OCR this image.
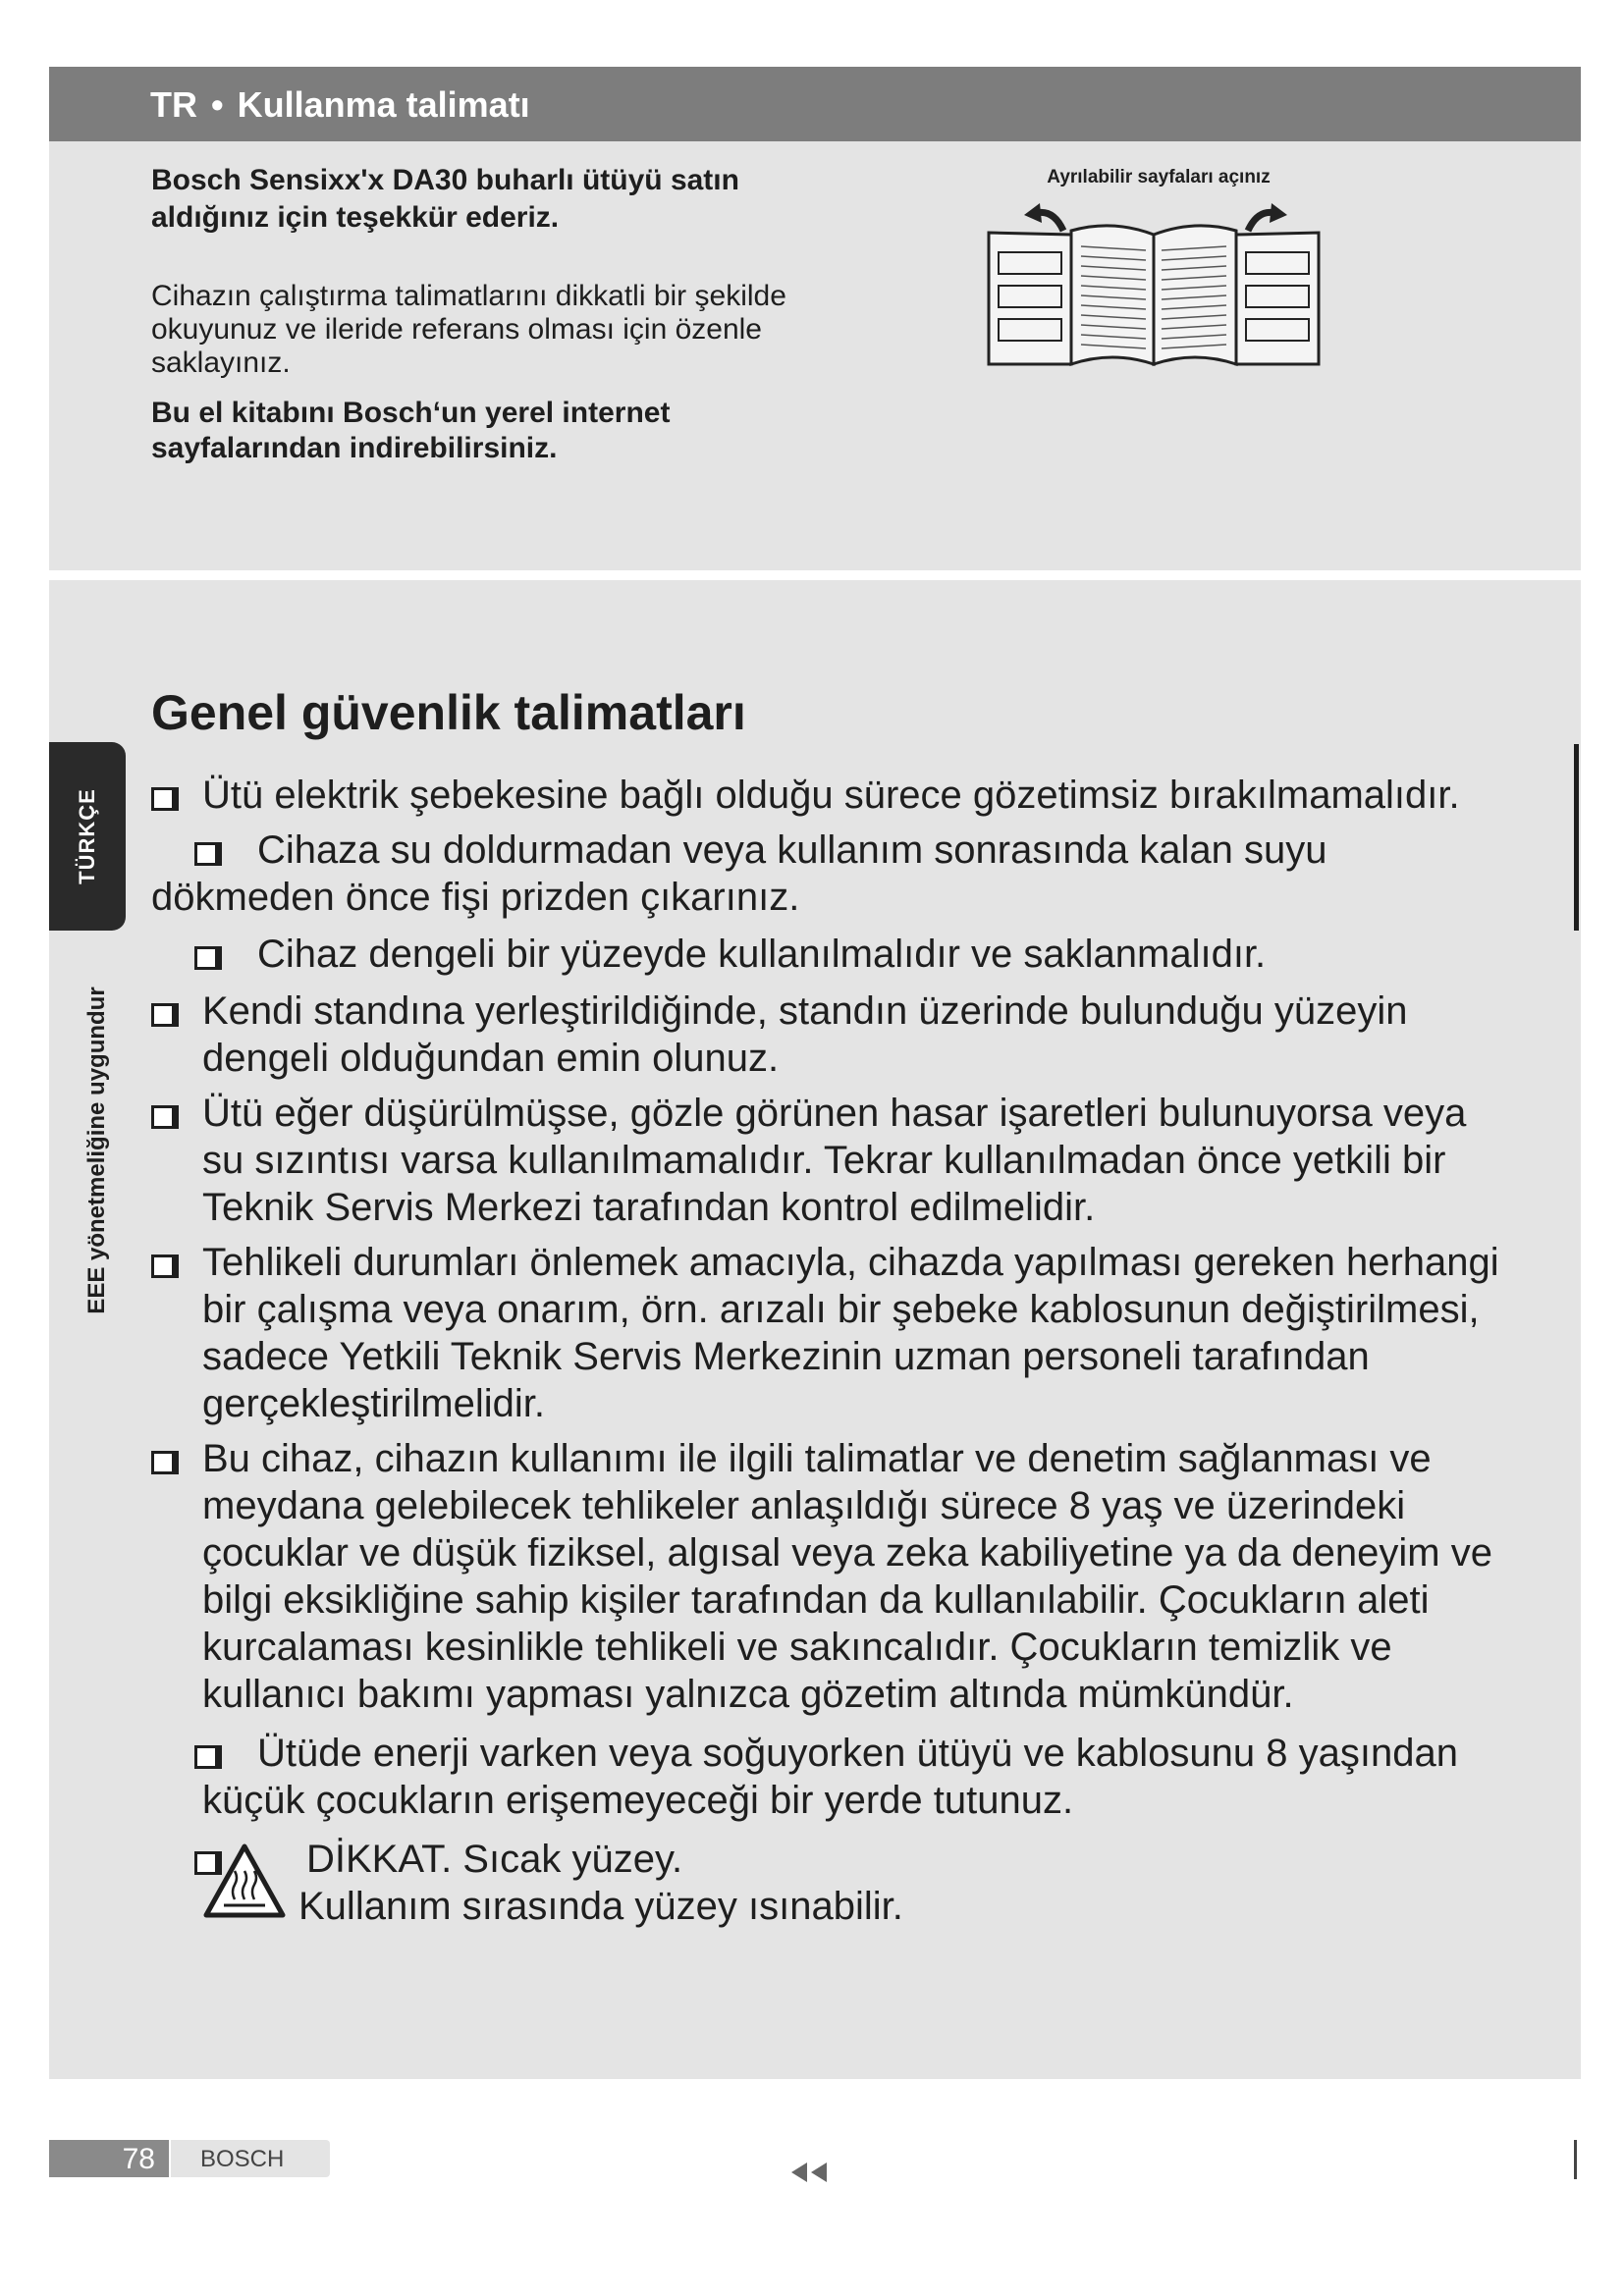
TR • Kullanma talimatı
Bosch Sensixx'x DA30 buharlı ütüyü satın aldığınız için teşekkür ederiz.
Cihazın çalıştırma talimatlarını dikkatli bir şekilde okuyunuz ve ileride referans olması için özenle saklayınız.
Bu el kitabını Bosch‘un yerel internet sayfalarından indirebilirsiniz.
Ayrılabilir sayfaları açınız
TÜRKÇE
EEE yönetmeliğine uygundur
Genel güvenlik talimatları
Ütü elektrik şebekesine bağlı olduğu sürece gözetimsiz bırakılmamalıdır.
Cihaza su doldurmadan veya kullanım sonrasında kalan suyu dökmeden önce fişi prizden çıkarınız.
Cihaz dengeli bir yüzeyde kullanılmalıdır ve saklanmalıdır.
Kendi standına yerleştirildiğinde, standın üzerinde bulunduğu yüzeyin dengeli olduğundan emin olunuz.
Ütü eğer düşürülmüşse, gözle görünen hasar işaretleri bulunuyorsa veya su sızıntısı varsa kullanılmamalıdır. Tekrar kullanılmadan önce yetkili bir Teknik Servis Merkezi tarafından kontrol edilmelidir.
Tehlikeli durumları önlemek amacıyla, cihazda yapılması gereken herhangi bir çalışma veya onarım, örn. arızalı bir şebeke kablosunun değiştirilmesi, sadece Yetkili Teknik Servis Merkezinin uzman personeli tarafından gerçekleştirilmelidir.
Bu cihaz, cihazın kullanımı ile ilgili talimatlar ve denetim sağlanması ve meydana gelebilecek tehlikeler anlaşıldığı sürece 8 yaş ve üzerindeki çocuklar ve düşük fiziksel, algısal veya zeka kabiliyetine ya da deneyim ve bilgi eksikliğine sahip kişiler tarafından da kullanılabilir. Çocukların aleti kurcalaması kesinlikle tehlikeli ve sakıncalıdır. Çocukların temizlik ve kullanıcı bakımı yapması yalnızca gözetim altında mümkündür.
Ütüde enerji varken veya soğuyorken ütüyü ve kablosunu 8 yaşından küçük çocukların erişemeyeceği bir yerde tutunuz.
DİKKAT. Sıcak yüzey.
Kullanım sırasında yüzey ısınabilir.
78 BOSCH
